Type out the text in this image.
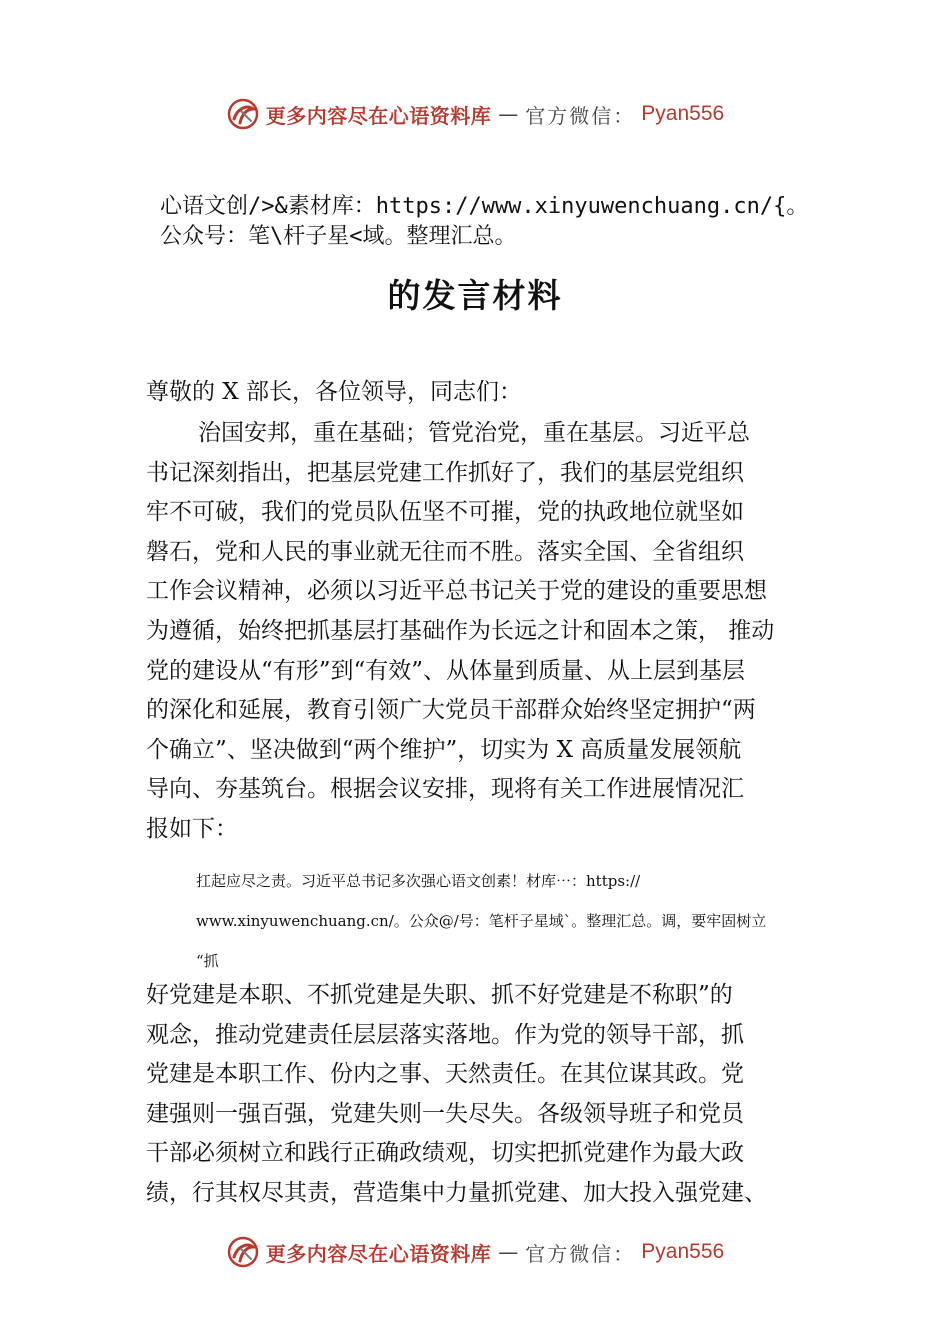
更多内容尽在心语资料库 — 官方微信： Pyan556
心语文创/>&素材库：https://www.xinyuwenchuang.cn/{。
公众号：笔\杆子星<域。整理汇总。
的发言材料
尊敬的 X 部长，各位领导，同志们：
治国安邦，重在基础；管党治党，重在基层。习近平总
书记深刻指出，把基层党建工作抓好了，我们的基层党组织
牢不可破，我们的党员队伍坚不可摧，党的执政地位就坚如
磐石，党和人民的事业就无往而不胜。落实全国、全省组织
工作会议精神，必须以习近平总书记关于党的建设的重要思想
为遵循，始终把抓基层打基础作为长远之计和固本之策， 推动
党的建设从“有形”到“有效”、从体量到质量、从上层到基层
的深化和延展，教育引领广大党员干部群众始终坚定拥护“两
个确立”、坚决做到“两个维护”，切实为 X 高质量发展领航
导向、夯基筑台。根据会议安排，现将有关工作进展情况汇
报如下：
扛起应尽之责。习近平总书记多次强心语文创素！材库⋯：https://
www.xinyuwenchuang.cn/。公众@/号：笔杆子星域`。整理汇总。调，要牢固树立
“抓
好党建是本职、不抓党建是失职、抓不好党建是不称职”的
观念，推动党建责任层层落实落地。作为党的领导干部，抓
党建是本职工作、份内之事、天然责任。在其位谋其政。党
建强则一强百强，党建失则一失尽失。各级领导班子和党员
干部必须树立和践行正确政绩观，切实把抓党建作为最大政
绩，行其权尽其责，营造集中力量抓党建、加大投入强党建、
更多内容尽在心语资料库 — 官方微信： Pyan556
